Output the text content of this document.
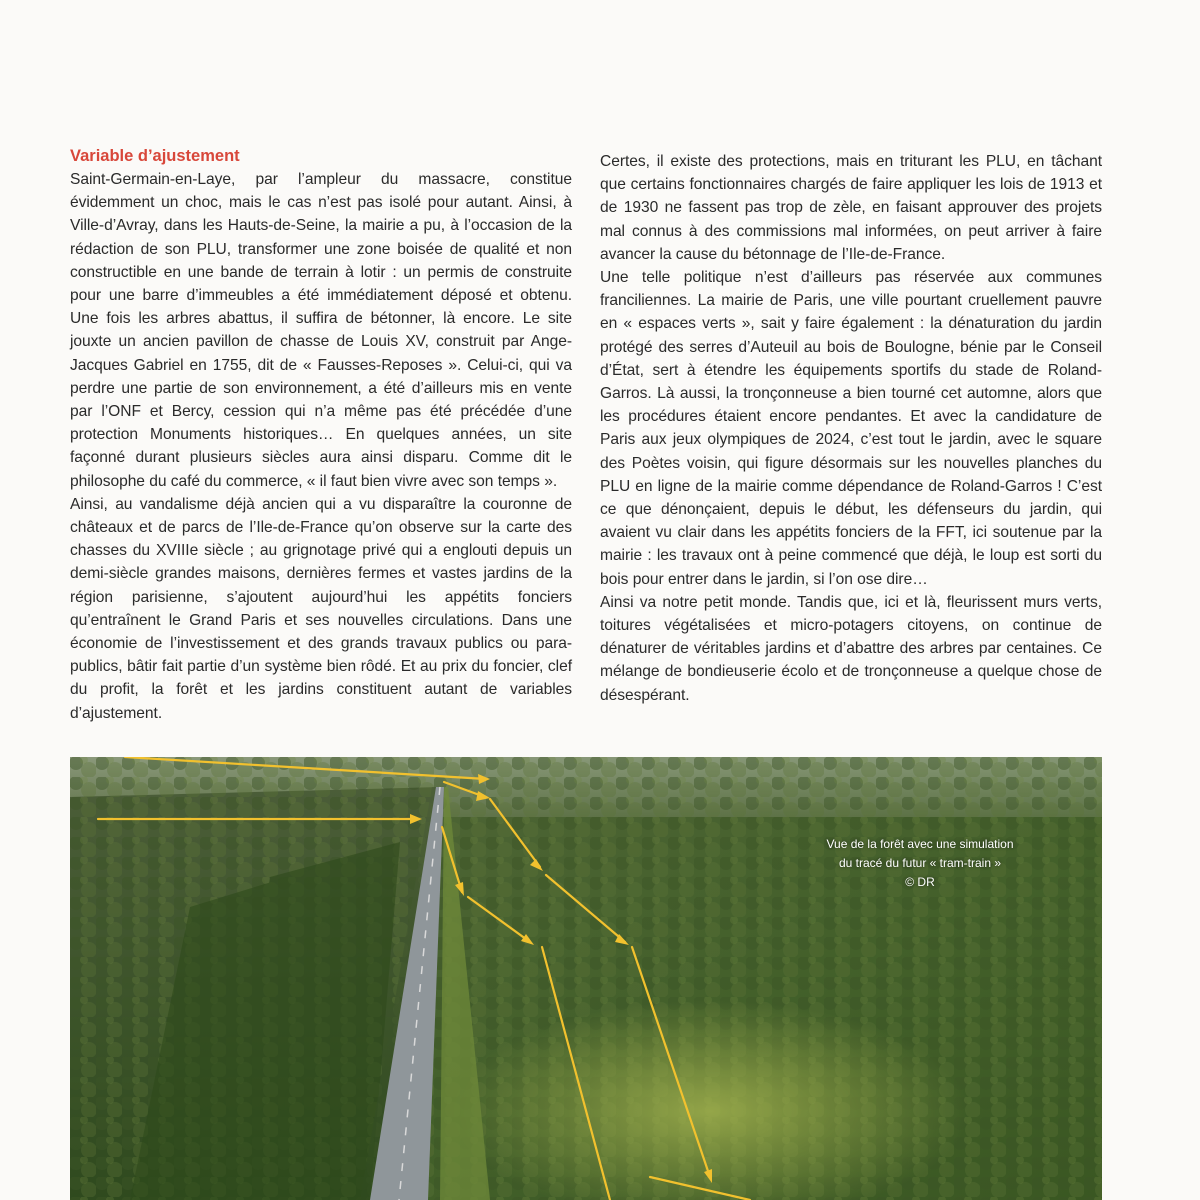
Variable d’ajustement

Saint-Germain-en-Laye, par l’ampleur du massacre, constitue évidemment un choc, mais le cas n’est pas isolé pour autant. Ainsi, à Ville-d’Avray, dans les Hauts-de-Seine, la mairie a pu, à l’occasion de la rédaction de son PLU, transformer une zone boisée de qualité et non constructible en une bande de terrain à lotir : un permis de construite pour une barre d’immeubles a été immédiatement déposé et obtenu. Une fois les arbres abattus, il suffira de bétonner, là encore. Le site jouxte un ancien pavillon de chasse de Louis XV, construit par Ange-Jacques Gabriel en 1755, dit de « Fausses-Reposes ». Celui-ci, qui va perdre une partie de son environnement, a été d’ailleurs mis en vente par l’ONF et Bercy, cession qui n’a même pas été précédée d’une protection Monuments historiques… En quelques années, un site façonné durant plusieurs siècles aura ainsi disparu. Comme dit le philosophe du café du commerce, « il faut bien vivre avec son temps ».

Ainsi, au vandalisme déjà ancien qui a vu disparaître la couronne de châteaux et de parcs de l’Ile-de-France qu’on observe sur la carte des chasses du XVIIIe siècle ; au grignotage privé qui a englouti depuis un demi-siècle grandes maisons, dernières fermes et vastes jardins de la région parisienne, s’ajoutent aujourd’hui les appétits fonciers qu’entraînent le Grand Paris et ses nouvelles circulations. Dans une économie de l’investissement et des grands travaux publics ou para-publics, bâtir fait partie d’un système bien rôdé. Et au prix du foncier, clef du profit, la forêt et les jardins constituent autant de variables d’ajustement.

Certes, il existe des protections, mais en triturant les PLU, en tâchant que certains fonctionnaires chargés de faire appliquer les lois de 1913 et de 1930 ne fassent pas trop de zèle, en faisant approuver des projets mal connus à des commissions mal informées, on peut arriver à faire avancer la cause du bétonnage de l’Ile-de-France.

Une telle politique n’est d’ailleurs pas réservée aux communes franciliennes. La mairie de Paris, une ville pourtant cruellement pauvre en « espaces verts », sait y faire également : la dénaturation du jardin protégé des serres d’Auteuil au bois de Boulogne, bénie par le Conseil d’État, sert à étendre les équipements sportifs du stade de Roland-Garros. Là aussi, la tronçonneuse a bien tourné cet automne, alors que les procédures étaient encore pendantes. Et avec la candidature de Paris aux jeux olympiques de 2024, c’est tout le jardin, avec le square des Poètes voisin, qui figure désormais sur les nouvelles planches du PLU en ligne de la mairie comme dépendance de Roland-Garros ! C’est ce que dénonçaient, depuis le début, les défenseurs du jardin, qui avaient vu clair dans les appétits fonciers de la FFT, ici soutenue par la mairie : les travaux ont à peine commencé que déjà, le loup est sorti du bois pour entrer dans le jardin, si l’on ose dire…

Ainsi va notre petit monde. Tandis que, ici et là, fleurissent murs verts, toitures végétalisées et micro-potagers citoyens, on continue de dénaturer de véritables jardins et d’abattre des arbres par centaines. Ce mélange de bondieuserie écolo et de tronçonneuse a quelque chose de désespérant.

Vue de la forêt avec une simulation
du tracé du futur « tram-train »
© DR
